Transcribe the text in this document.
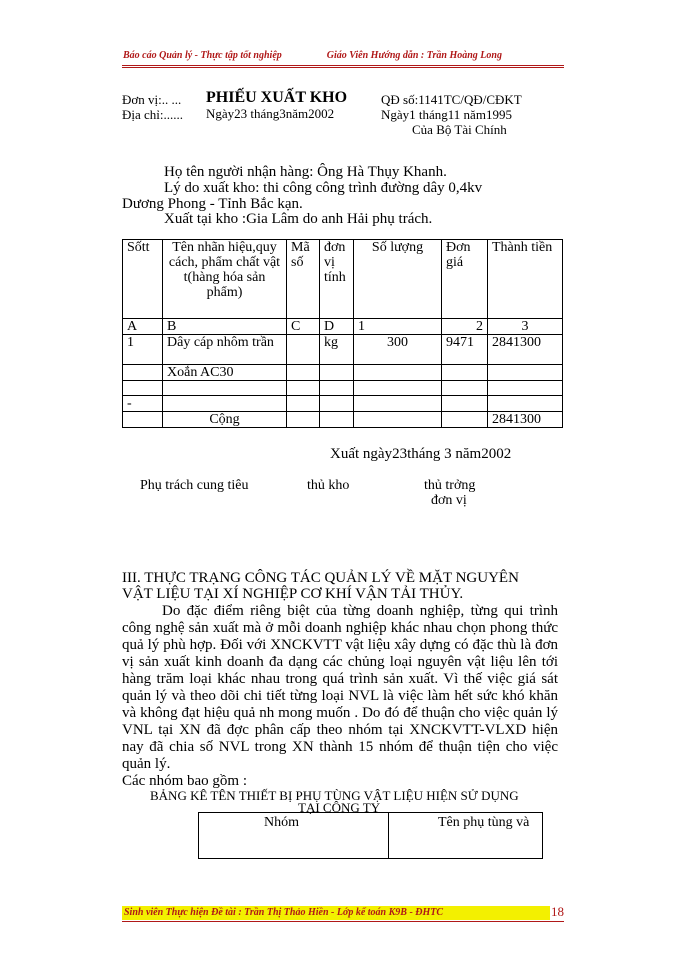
Báo cáo Quản lý - Thực tập tốt nghiệp	Giáo Viên Hướng dẫn : Trần Hoàng Long
Đơn vị:.. ...
Địa chỉ:......
PHIẾU XUẤT KHO
Ngày23 tháng3năm2002
QĐ số:1141TC/QĐ/CĐKT
Ngày1 tháng11 năm1995
Của Bộ Tài Chính
Họ tên người nhận hàng: Ông Hà Thụy Khanh.
Lý do xuất kho: thi công công trình đường dây 0,4kv
Dương Phong - Tỉnh Bắc kạn.
Xuất tại kho :Gia Lâm do anh Hải phụ trách.
Sốtt	Tên nhãn hiệu,quy cách, phẩm chất vật t(hàng hóa sản phẩm)	Mã số	đơn vị tính	Số lượng	Đơn giá	Thành tiền
A	B	C	D	1	2	3
1	Dây cáp nhôm trần		kg	300	9471	2841300
	Xoắn AC30					

-						
	Cộng					2841300
Xuất ngày23tháng 3 năm2002
Phụ trách cung tiêu	thủ kho	thủ trởng
đơn vị
III. THỰC TRẠNG CÔNG TÁC QUẢN LÝ VỀ MẶT NGUYÊN
VẬT LIỆU TẠI XÍ NGHIỆP CƠ KHÍ VẬN TẢI THỦY.

Do đặc điểm riêng biệt của từng doanh nghiệp, từng qui trình công nghệ sản xuất mà ở mỗi doanh nghiệp khác nhau chọn phong thức quả lý phù hợp. Đối với XNCKVTT vật liệu xây dựng có đặc thù là đơn vị sản xuất kinh doanh đa dạng các chủng loại nguyên vật liệu lên tới hàng trăm loại khác nhau trong quá trình sản xuất. Vì thế việc giá sát quản lý và theo dõi chi tiết từng loại NVL là việc làm hết sức khó khăn và không đạt hiệu quả nh mong muốn . Do đó để thuận cho việc quản lý VNL tại XN đã đợc phân cấp theo nhóm tại XNCKVTT-VLXD hiện nay đã chia số NVL trong XN thành 15 nhóm để thuận tiện cho việc quản lý.

Các nhóm bao gồm :

BẢNG KÊ TÊN THIẾT BỊ PHỤ TÙNG VẬT LIỆU HIỆN SỬ DỤNG
TẠI CÔNG TY
Nhóm	Tên phụ tùng và
Sinh viên Thực hiện Đề tài : Trần Thị Thảo Hiền - Lớp kế toán K9B - ĐHTC	18
